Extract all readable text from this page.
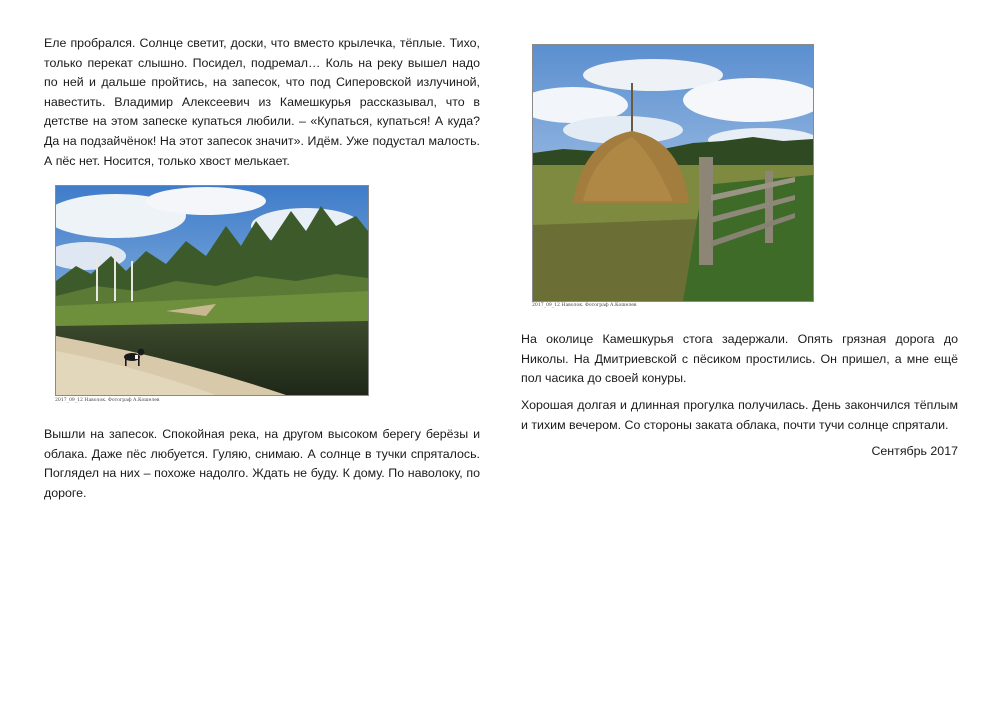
Еле пробрался. Солнце светит, доски, что вместо крылечка, тёплые. Тихо, только перекат слышно. Посидел, подремал… Коль на реку вышел надо по ней и дальше пройтись, на запесок, что под Сиперовской излучиной, навестить. Владимир Алексеевич из Камешкурья рассказывал, что в детстве на этом запеске купаться любили. – «Купаться, купаться! А куда? Да на подзайчёнок! На этот запесок значит». Идём. Уже подустал малость. А пёс нет. Носится, только хвост мелькает.

2017_09_12 Наволок. Фотограф А.Кошелев

Вышли на запесок. Спокойная река, на другом высоком берегу берёзы и облака. Даже пёс любуется. Гуляю, снимаю. А солнце в тучки спряталось. Поглядел на них – похоже надолго. Ждать не буду. К дому. По наволоку, по дороге.

2017_09_12 Наволок. Фотограф А.Кошелев

На околице Камешкурья стога задержали. Опять грязная дорога до Николы. На Дмитриевской с пёсиком простились. Он пришел, а мне ещё пол часика до своей конуры.

Хорошая долгая и длинная прогулка получилась. День закончился тёплым и тихим вечером. Со стороны заката облака, почти тучи солнце спрятали.

Сентябрь 2017
